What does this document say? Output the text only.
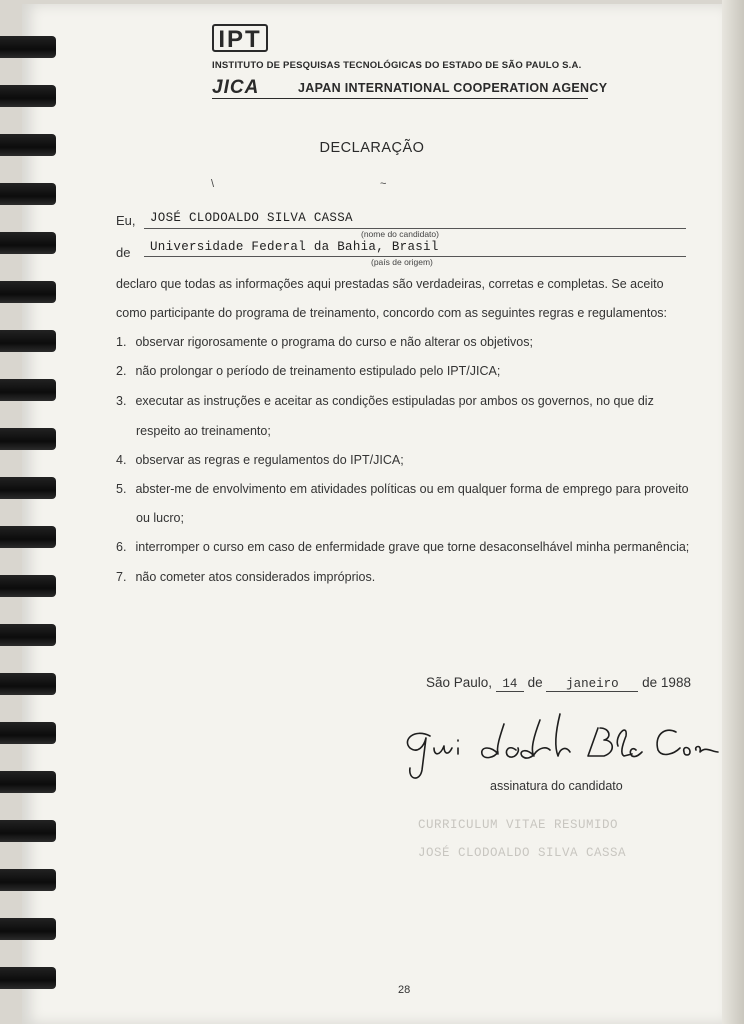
IPT
INSTITUTO DE PESQUISAS TECNOLÓGICAS DO ESTADO DE SÃO PAULO S.A.
JICA	JAPAN INTERNATIONAL COOPERATION AGENCY
DECLARAÇÃO
\	~
Eu, JOSÉ CLODOALDO SILVA CASSA
(nome do candidato)
de Universidade Federal da Bahia, Brasil
(país de origem)
declaro que todas as informações aqui prestadas são verdadeiras, corretas e completas. Se aceito
como participante do programa de treinamento, concordo com as seguintes regras e regulamentos:
1. observar rigorosamente o programa do curso e não alterar os objetivos;
2. não prolongar o período de treinamento estipulado pelo IPT/JICA;
3. executar as instruções e aceitar as condições estipuladas por ambos os governos, no que diz
respeito ao treinamento;
4. observar as regras e regulamentos do IPT/JICA;
5. abster-me de envolvimento em atividades políticas ou em qualquer forma de emprego para proveito
ou lucro;
6. interromper o curso em caso de enfermidade grave que torne desaconselhável minha permanência;
7. não cometer atos considerados impróprios.
São Paulo, 14 de janeiro de 1988
assinatura do candidato
CURRICULUM VITAE RESUMIDO
JOSÉ CLODOALDO SILVA CASSA
28
